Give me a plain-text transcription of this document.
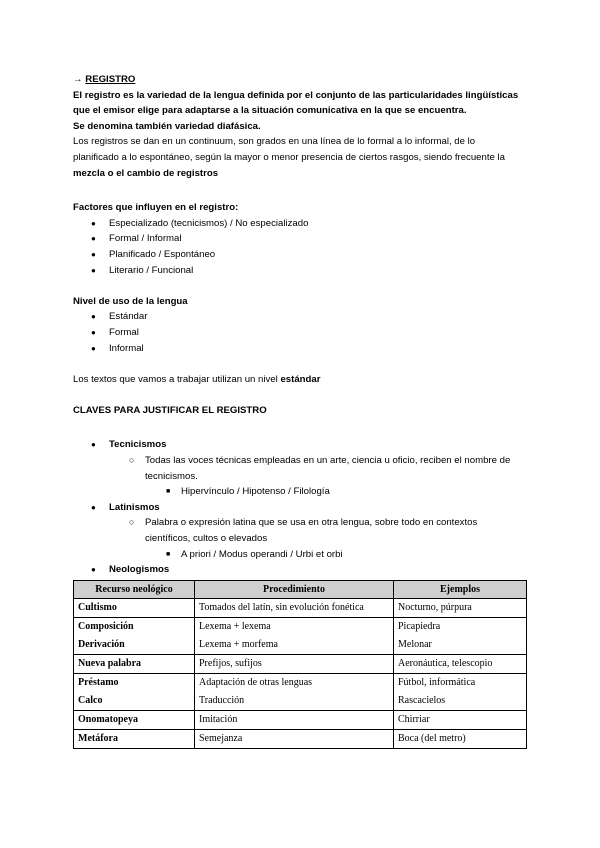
→ REGISTRO

El registro es la variedad de la lengua definida por el conjunto de las particularidades lingüísticas

que el emisor elige para adaptarse a la situación comunicativa en la que se encuentra.

Se denomina también variedad diafásica.

Los registros se dan en un continuum, son grados en una línea de lo formal a lo informal, de lo

planificado a lo espontáneo, según la mayor o menor presencia de ciertos rasgos, siendo frecuente la

mezcla o el cambio de registros

Factores que influyen en el registro:

● Especializado (tecnicismos) / No especializado
● Formal / Informal
● Planificado / Espontáneo
● Literario / Funcional

Nivel de uso de la lengua

● Estándar
● Formal
● Informal

Los textos que vamos a trabajar utilizan un nivel estándar

CLAVES PARA JUSTIFICAR EL REGISTRO

● Tecnicismos
○ Todas las voces técnicas empleadas en un arte, ciencia u oficio, reciben el nombre de
tecnicismos.
■ Hipervínculo / Hipotenso / Filología
● Latinismos
○ Palabra o expresión latina que se usa en otra lengua, sobre todo en contextos
científicos, cultos o elevados
■ A priori / Modus operandi / Urbi et orbi
● Neologismos
Recurso neológico	Procedimiento	Ejemplos
Cultismo	Tomados del latín, sin evolución fonética	Nocturno, púrpura
Composición	Lexema + lexema	Picapiedra
Derivación	Lexema + morfema	Melonar
Nueva palabra	Prefijos, sufijos	Aeronáutica, telescopio
Préstamo	Adaptación de otras lenguas	Fútbol, informática
Calco	Traducción	Rascacielos
Onomatopeya	Imitación	Chirriar
Metáfora	Semejanza	Boca (del metro)
